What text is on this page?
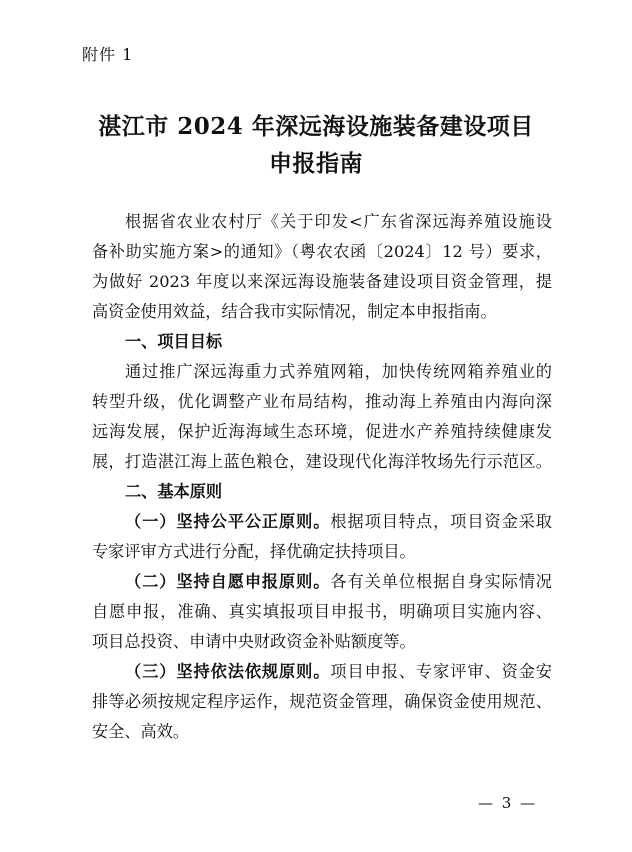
附件 1
湛江市 2024 年深远海设施装备建设项目
申报指南
根据省农业农村厅《关于印发<广东省深远海养殖设施设
备补助实施方案>的通知》（粤农农函〔2024〕12 号）要求，
为做好 2023 年度以来深远海设施装备建设项目资金管理，提
高资金使用效益，结合我市实际情况，制定本申报指南。
一、项目目标
通过推广深远海重力式养殖网箱，加快传统网箱养殖业的
转型升级，优化调整产业布局结构，推动海上养殖由内海向深
远海发展，保护近海海域生态环境，促进水产养殖持续健康发
展，打造湛江海上蓝色粮仓，建设现代化海洋牧场先行示范区。
二、基本原则
（一）坚持公平公正原则。根据项目特点，项目资金采取
专家评审方式进行分配，择优确定扶持项目。
（二）坚持自愿申报原则。各有关单位根据自身实际情况
自愿申报，准确、真实填报项目申报书，明确项目实施内容、
项目总投资、申请中央财政资金补贴额度等。
（三）坚持依法依规原则。项目申报、专家评审、资金安
排等必须按规定程序运作，规范资金管理，确保资金使用规范、
安全、高效。
— 3 —
